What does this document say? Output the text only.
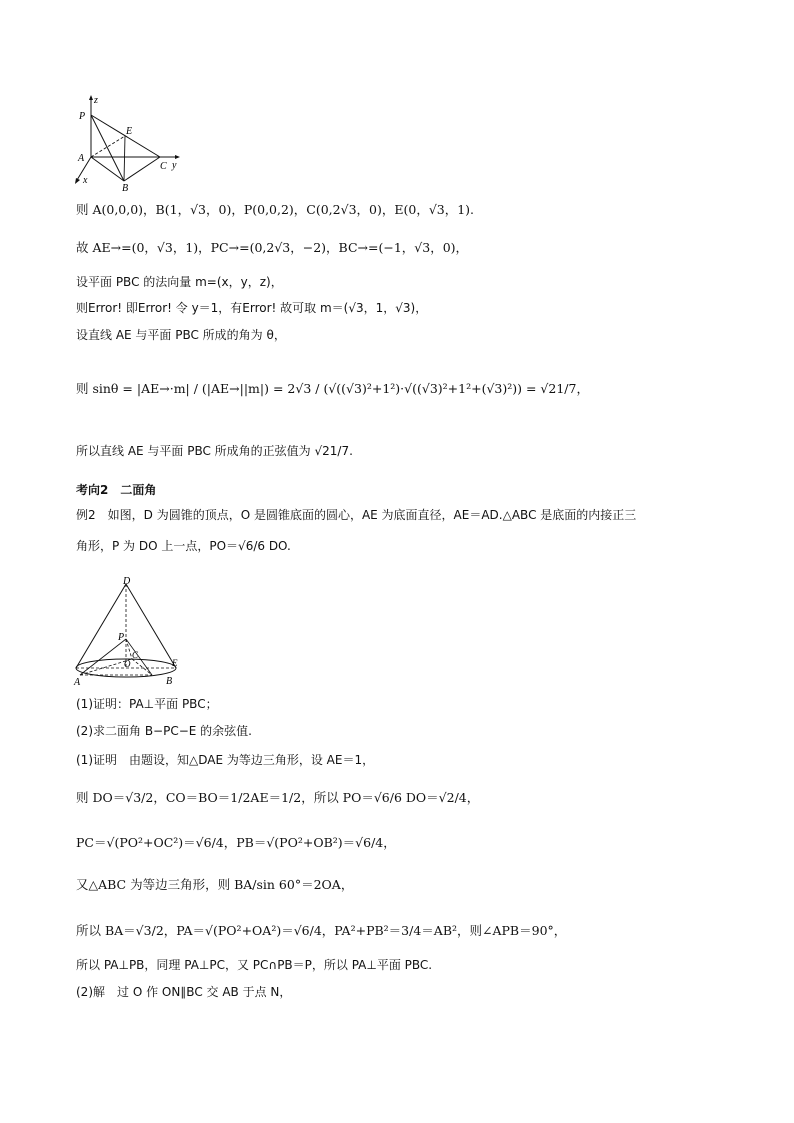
z
P
E
A
C y
x
B
则 A(0,0,0)，B(1，√3，0)，P(0,0,2)，C(0,2√3，0)，E(0，√3，1).
故 AE→=(0，√3，1)，PC→=(0,2√3，−2)，BC→=(−1，√3，0)，
设平面 PBC 的法向量 m=(x，y，z)，
则Error! 即Error! 令 y＝1，有Error! 故可取 m＝(√3，1，√3)，
设直线 AE 与平面 PBC 所成的角为 θ，
则 sinθ = |AE→·m| / (|AE→||m|) = 2√3 / (√((√3)²+1²)·√((√3)²+1²+(√3)²)) = √21/7，
所以直线 AE 与平面 PBC 所成角的正弦值为 √21/7.
考向2　二面角
例2　如图，D 为圆锥的顶点，O 是圆锥底面的圆心，AE 为底面直径，AE＝AD.△ABC 是底面的内接正三
角形，P 为 DO 上一点，PO＝√6/6 DO.
D
P
C
O	E
A	B
(1)证明：PA⊥平面 PBC；
(2)求二面角 B−PC−E 的余弦值.
(1)证明　由题设，知△DAE 为等边三角形，设 AE＝1，
则 DO＝√3/2，CO＝BO＝1/2AE＝1/2，所以 PO＝√6/6 DO＝√2/4，
PC＝√(PO²+OC²)＝√6/4，PB＝√(PO²+OB²)＝√6/4，
又△ABC 为等边三角形，则 BA/sin 60°＝2OA，
所以 BA＝√3/2，PA＝√(PO²+OA²)＝√6/4，PA²+PB²＝3/4＝AB²，则∠APB＝90°，
所以 PA⊥PB，同理 PA⊥PC，又 PC∩PB＝P，所以 PA⊥平面 PBC.
(2)解　过 O 作 ON∥BC 交 AB 于点 N，
